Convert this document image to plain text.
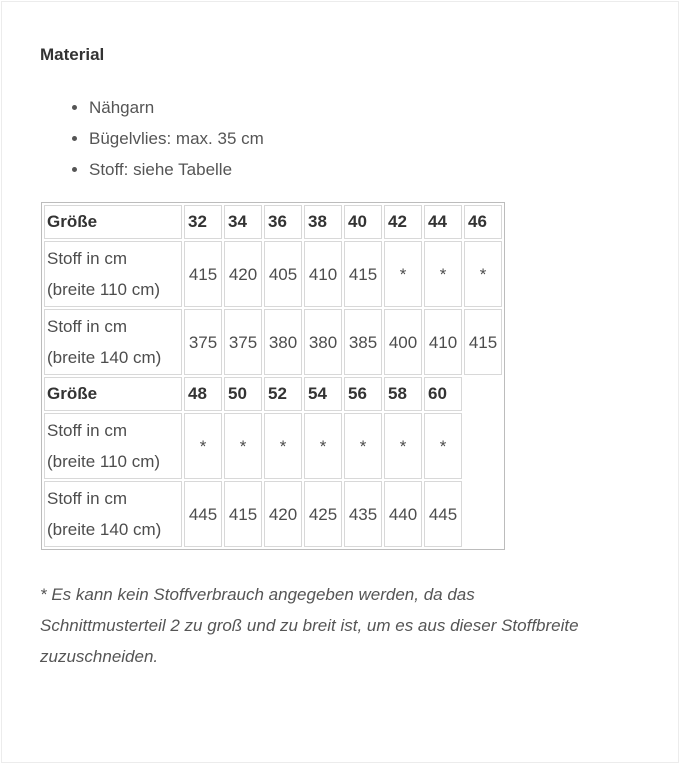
Material
• Nähgarn
• Bügelvlies: max. 35 cm
• Stoff: siehe Tabelle
Größe	32	34	36	38	40	42	44	46
Stoff in cm
(breite 110 cm)	415	420	405	410	415	*	*	*
Stoff in cm
(breite 140 cm)	375	375	380	380	385	400	410	415
Größe	48	50	52	54	56	58	60	
Stoff in cm
(breite 110 cm)	*	*	*	*	*	*	*	
Stoff in cm
(breite 140 cm)	445	415	420	425	435	440	445	
* Es kann kein Stoffverbrauch angegeben werden, da das Schnittmusterteil 2 zu groß und zu breit ist, um es aus dieser Stoffbreite zuzuschneiden.
